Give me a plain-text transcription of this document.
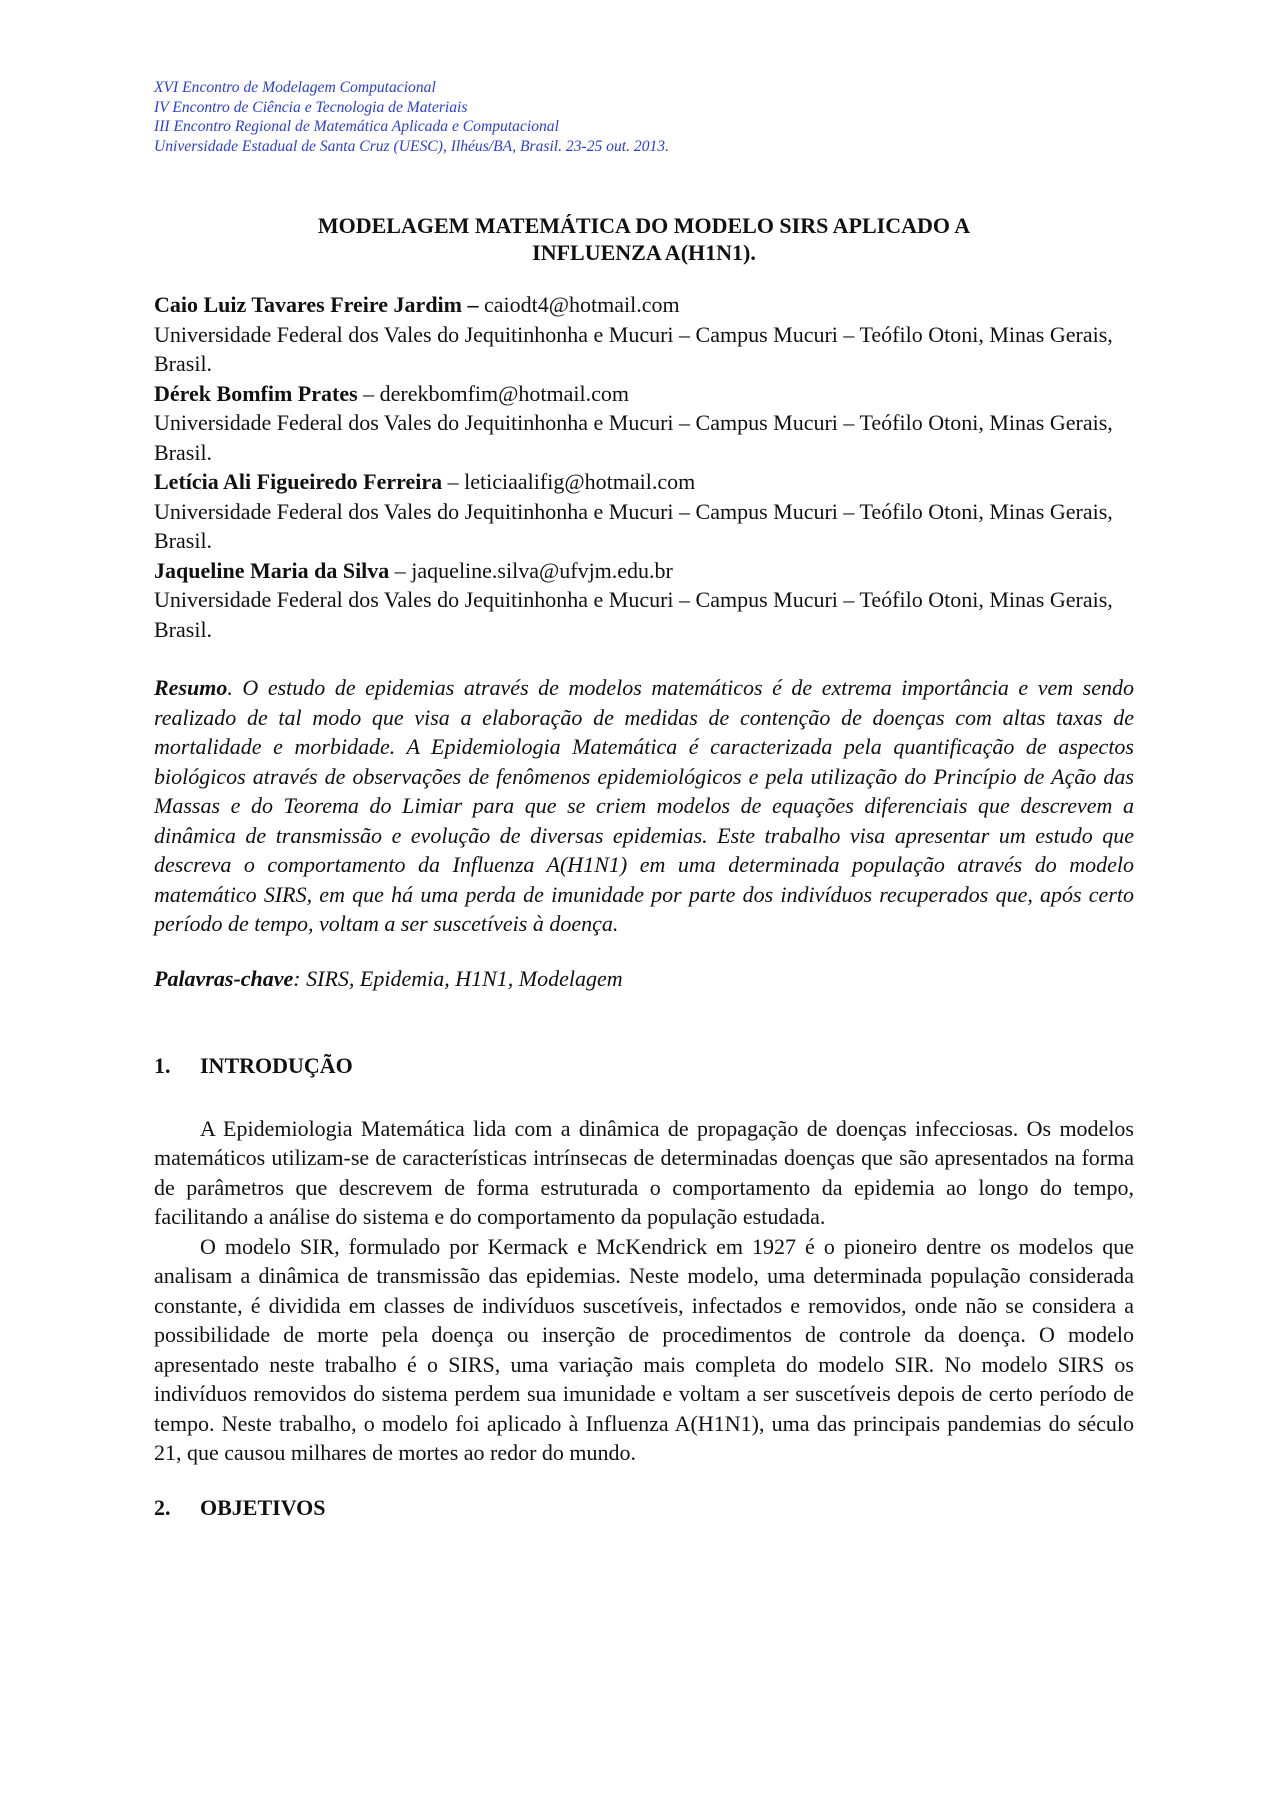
XVI Encontro de Modelagem Computacional
IV Encontro de Ciência e Tecnologia de Materiais
III Encontro Regional de Matemática Aplicada e Computacional
Universidade Estadual de Santa Cruz (UESC), Ilhéus/BA, Brasil. 23-25 out. 2013.
MODELAGEM MATEMÁTICA DO MODELO SIRS APLICADO A
INFLUENZA A(H1N1).
Caio Luiz Tavares Freire Jardim – caiodt4@hotmail.com
Universidade Federal dos Vales do Jequitinhonha e Mucuri – Campus Mucuri – Teófilo Otoni, Minas Gerais, Brasil.
Dérek Bomfim Prates – derekbomfim@hotmail.com
Universidade Federal dos Vales do Jequitinhonha e Mucuri – Campus Mucuri – Teófilo Otoni, Minas Gerais, Brasil.
Letícia Ali Figueiredo Ferreira – leticiaalifig@hotmail.com
Universidade Federal dos Vales do Jequitinhonha e Mucuri – Campus Mucuri – Teófilo Otoni, Minas Gerais, Brasil.
Jaqueline Maria da Silva – jaqueline.silva@ufvjm.edu.br
Universidade Federal dos Vales do Jequitinhonha e Mucuri – Campus Mucuri – Teófilo Otoni, Minas Gerais, Brasil.
Resumo. O estudo de epidemias através de modelos matemáticos é de extrema importância e vem sendo realizado de tal modo que visa a elaboração de medidas de contenção de doenças com altas taxas de mortalidade e morbidade. A Epidemiologia Matemática é caracterizada pela quantificação de aspectos biológicos através de observações de fenômenos epidemiológicos e pela utilização do Princípio de Ação das Massas e do Teorema do Limiar para que se criem modelos de equações diferenciais que descrevem a dinâmica de transmissão e evolução de diversas epidemias. Este trabalho visa apresentar um estudo que descreva o comportamento da Influenza A(H1N1) em uma determinada população através do modelo matemático SIRS, em que há uma perda de imunidade por parte dos indivíduos recuperados que, após certo período de tempo, voltam a ser suscetíveis à doença.
Palavras-chave: SIRS, Epidemia, H1N1, Modelagem
1.	INTRODUÇÃO

A Epidemiologia Matemática lida com a dinâmica de propagação de doenças infecciosas. Os modelos matemáticos utilizam-se de características intrínsecas de determinadas doenças que são apresentados na forma de parâmetros que descrevem de forma estruturada o comportamento da epidemia ao longo do tempo, facilitando a análise do sistema e do comportamento da população estudada.

O modelo SIR, formulado por Kermack e McKendrick em 1927 é o pioneiro dentre os modelos que analisam a dinâmica de transmissão das epidemias. Neste modelo, uma determinada população considerada constante, é dividida em classes de indivíduos suscetíveis, infectados e removidos, onde não se considera a possibilidade de morte pela doença ou inserção de procedimentos de controle da doença. O modelo apresentado neste trabalho é o SIRS, uma variação mais completa do modelo SIR. No modelo SIRS os indivíduos removidos do sistema perdem sua imunidade e voltam a ser suscetíveis depois de certo período de tempo. Neste trabalho, o modelo foi aplicado à Influenza A(H1N1), uma das principais pandemias do século 21, que causou milhares de mortes ao redor do mundo.

2.	OBJETIVOS
